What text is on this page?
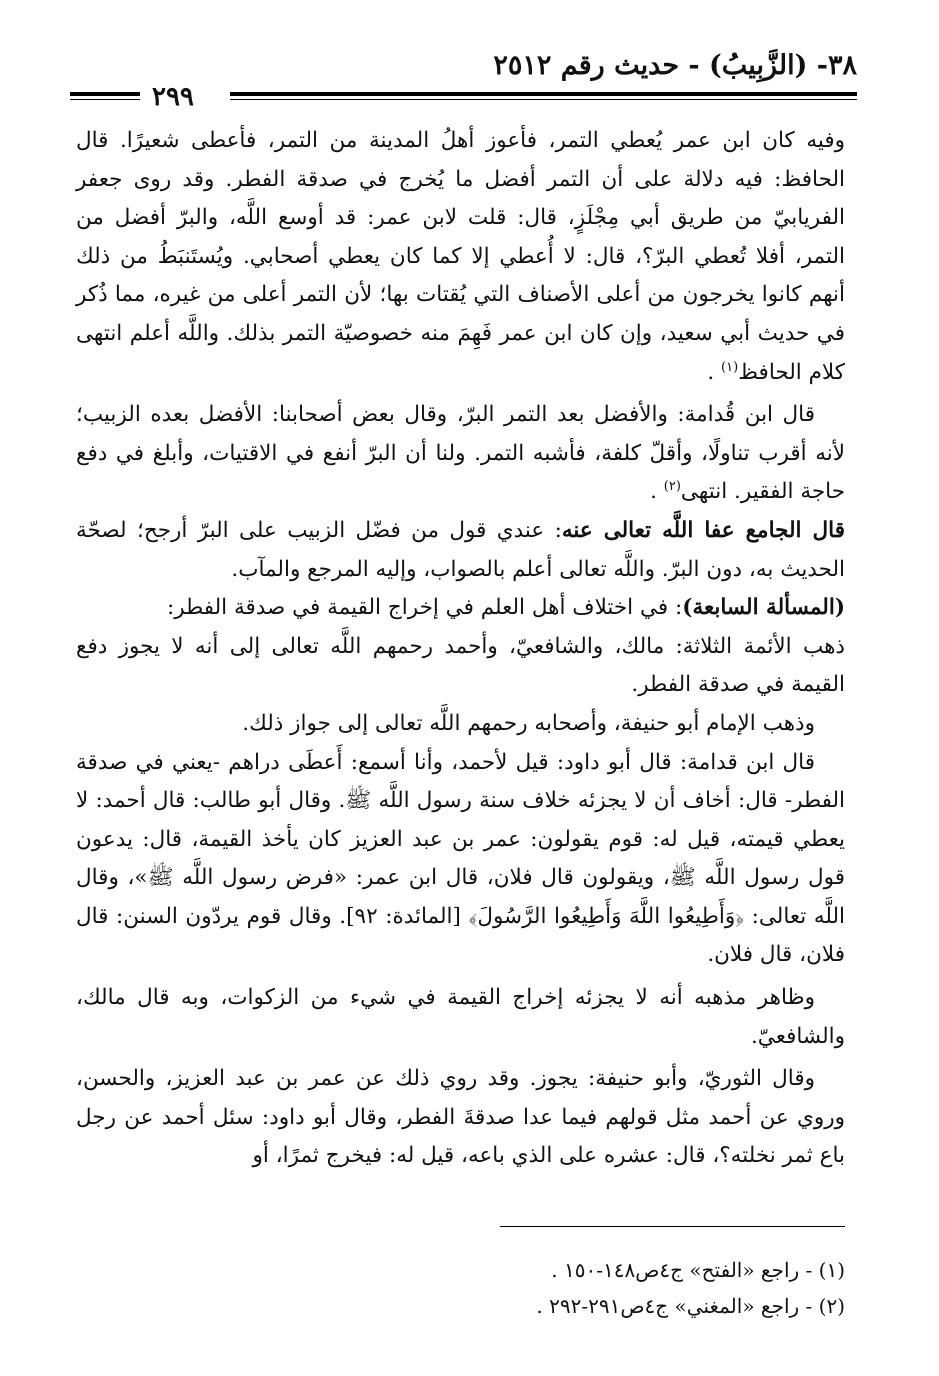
٣٨- (الزَّبِيبُ) - حديث رقم ٢٥١٢
٢٩٩

وفيه كان ابن عمر يُعطي التمر، فأعوز أهلُ المدينة من التمر، فأعطى شعيرًا. قال الحافظ: فيه دلالة على أن التمر أفضل ما يُخرج في صدقة الفطر. وقد روى جعفر الفريابيّ من طريق أبي مِجْلَزٍ، قال: قلت لابن عمر: قد أوسع اللَّه، والبرّ أفضل من التمر، أفلا تُعطي البرّ؟، قال: لا أُعطي إلا كما كان يعطي أصحابي. ويُستَنبَطُ من ذلك أنهم كانوا يخرجون من أعلى الأصناف التي يُقتات بها؛ لأن التمر أعلى من غيره، مما ذُكر في حديث أبي سعيد، وإن كان ابن عمر فَهِمَ منه خصوصيّة التمر بذلك. واللَّه أعلم انتهى كلام الحافظ$^{(١)}$ .

قال ابن قُدامة: والأفضل بعد التمر البرّ، وقال بعض أصحابنا: الأفضل بعده الزبيب؛ لأنه أقرب تناولًا، وأقلّ كلفة، فأشبه التمر. ولنا أن البرّ أنفع في الاقتيات، وأبلغ في دفع حاجة الفقير. انتهى$^{(٢)}$ .

قال الجامع عفا اللَّه تعالى عنه: عندي قول من فضّل الزبيب على البرّ أرجح؛ لصحّة الحديث به، دون البرّ. واللَّه تعالى أعلم بالصواب، وإليه المرجع والمآب.

(المسألة السابعة): في اختلاف أهل العلم في إخراج القيمة في صدقة الفطر:

ذهب الأئمة الثلاثة: مالك، والشافعيّ، وأحمد رحمهم اللَّه تعالى إلى أنه لا يجوز دفع القيمة في صدقة الفطر.

وذهب الإمام أبو حنيفة، وأصحابه رحمهم اللَّه تعالى إلى جواز ذلك.

قال ابن قدامة: قال أبو داود: قيل لأحمد، وأنا أسمع: أَعطَى دراهم -يعني في صدقة الفطر- قال: أخاف أن لا يجزئه خلاف سنة رسول اللَّه ﷺ. وقال أبو طالب: قال أحمد: لا يعطي قيمته، قيل له: قوم يقولون: عمر بن عبد العزيز كان يأخذ القيمة، قال: يدعون قول رسول اللَّه ﷺ، ويقولون قال فلان، قال ابن عمر: «فرض رسول اللَّه ﷺ»، وقال اللَّه تعالى: ﴿وَأَطِيعُوا اللَّهَ وَأَطِيعُوا الرَّسُولَ﴾ [المائدة: ٩٢]. وقال قوم يردّون السنن: قال فلان، قال فلان.

وظاهر مذهبه أنه لا يجزئه إخراج القيمة في شيء من الزكوات، وبه قال مالك، والشافعيّ.

وقال الثوريّ، وأبو حنيفة: يجوز. وقد روي ذلك عن عمر بن عبد العزيز، والحسن، وروي عن أحمد مثل قولهم فيما عدا صدقةَ الفطر، وقال أبو داود: سئل أحمد عن رجل باع ثمر نخلته؟، قال: عشره على الذي باعه، قيل له: فيخرج ثمرًا، أو

(١) - راجع «الفتح» ج٤ص١٤٨-١٥٠ .

(٢) - راجع «المغني» ج٤ص٢٩١-٢٩٢ .
